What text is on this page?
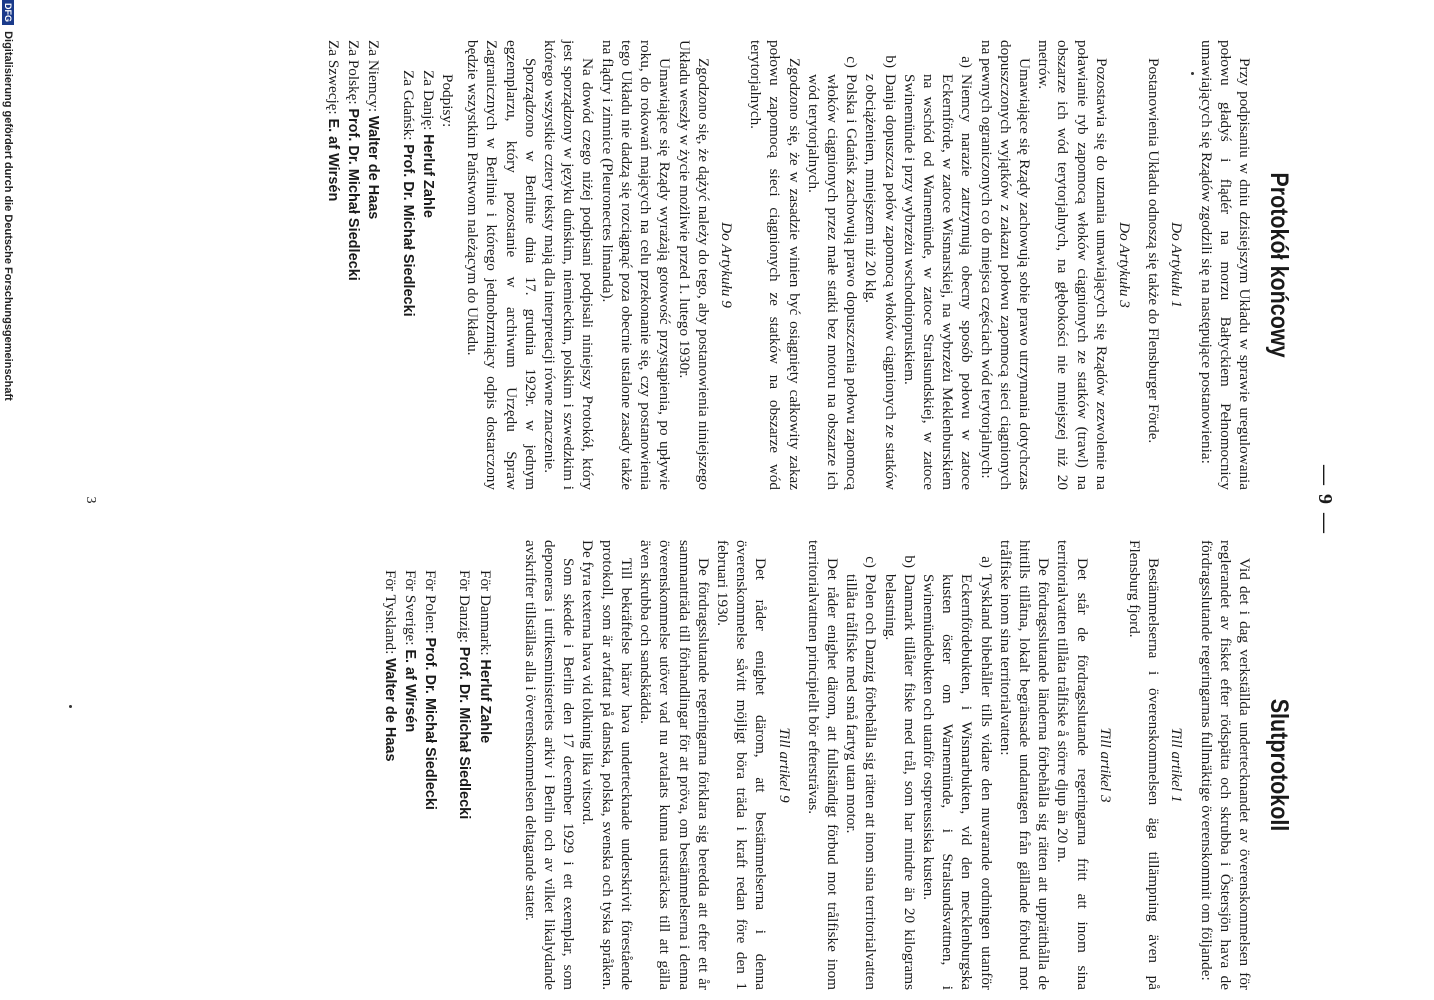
— 9 —
Protokół końcowy

Przy podpisaniu w dniu dzisiejszym Układu w sprawie uregulowania połowu gładyś i flądér na morzu Bałtyckiem Pełnomocnicy umawiających się Rządów zgodzili się na następujące postanowienia:

Do Artykułu 1

Postanowienia Układu odnoszą się także do Flensburger Förde.

Do Artykułu 3

Pozostawia się do uznania umawiających się Rządów zezwolenie na poławianie ryb zapomocą włoków ciągnionych ze statków (trawl) na obszarze ich wód terytorjalnych, na głębokości nie mniejszej niż 20 metrów.

Umawiające się Rządy zachowują sobie prawo utrzymania dotychczas dopuszczonych wyjątków z zakazu połowu zapomocą sieci ciągnionych na pewnych ograniczonych co do miejsca częściach wód terytorjalnych:

a)
Niemcy narazie zatrzymują obecny sposób połowu w zatoce Eckernförde, w zatoce Wismarskiej, na wybrzeżu Meklenburskiem na wschód od Warnemünde, w zatoce Stralsundskiej, w zatoce Swinemünde i przy wybrzeżu wschodniopruskiem.
b)
Danja dopuszcza połów zapomocą włoków ciągnionych ze statków z obciążeniem, mniejszem niż 20 klg.
c)
Polska i Gdańsk zachowują prawo dopuszczenia połowu zapomocą włoków ciągnionych przez małe statki bez motoru na obszarze ich wód terytorjalnych.

Zgodzono się, że w zasadzie winien być osiągnięty całkowity zakaz połowu zapomocą sieci ciągnionych ze statków na obszarze wód terytorjalnych.

Do Artykułu 9

Zgodzono się, że dążyć należy do tego, aby postanowienia niniejszego Układu weszły w życie możliwie przed 1. lutego 1930r.

Umawiające się Rządy wyrażają gotowość przystąpienia, po upływie roku, do rokowań mających na celu przekonanie się, czy postanowienia tego Układu nie dadzą się rozciągnąć poza obecnie ustalone zasady także na flądry i zimnice (Pleuronectes limanda).

Na dowód czego niżej podpisani podpisali niniejszy Protokół, który jest sporządzony w języku duńskim, niemieckim, polskim i szwedzkim i którego wszystkie cztery teksty mają dla interpretacji równe znaczenie.

Sporządzono w Berlinie dnia 17. grudnia 1929r. w jednym egzemplarzu, który pozostanie w archiwum Urzędu Spraw Zagranicznych w Berlinie i którego jednobrzmiący odpis dostarczony będzie wszystkim Państwom należącym do Układu.

Podpisy:

Za Danję: Herluf Zahle

Za Gdańsk: Prof. Dr. Michał Siedlecki

Za Niemcy: Walter de Haas

Za Polskę: Prof. Dr. Michał Siedlecki

Za Szwecję: E. af Wirsén

Slutprotokoll

Vid det i dag verkställda undertecknandet av överenskommelsen för reglerandet av fisket efter rödspätta och skrubba i Östersjön hava de fördragsslutande regeringarnas fullmäktige överenskommit om följande:

Till artikel 1

Bestämmelserna i överenskommelsen äga tillämpning även på Flensburg fjord.

Till artikel 3

Det står de fördragsslutande regeringarna fritt att inom sina territorialvatten tillåta trålfiske å större djup än 20 m.

De fördragsslutande länderna förbehålla sig rätten att upprätthålla de hittills tillåtna, lokalt begränsade undantagen från gällande förbud mot trålfiske inom sina territorialvatten:

a)
Tyskland bibehåller tills vidare den nuvarande ordningen utanför Eckernfördebukten, i Wismarbukten, vid den mecklenburgska kusten öster om Warnemünde, i Stralsundsvattnen, i Swinemündebukten och utanför ostpreussiska kusten.
b)
Danmark tillåter fiske med trål, som har mindre än 20 kilograms belastning.
c)
Polen och Danzig förbehålla sig rätten att inom sina territorialvatten tillåta trålfiske med små fartyg utan motor.

Det råder enighet därom, att fullständigt förbud mot trålfiske inom territorialvattnen principiellt bör eftersträvas.

Till artikel 9

Det råder enighet därom, att bestämmelserna i denna överenskommelse såvitt möjligt böra träda i kraft redan före den 1 februari 1930.

De fördragsslutande regeringarna förklara sig beredda att efter ett år sammanträda till förhandlingar för att pröva, om bestämmelserna i denna överenskommelse utöver vad nu avtalats kunna utsträckas till att gälla även skrubba och sandskädda.

Till bekräftelse härav hava undertecknade underskrivit förestående protokoll, som är avfattat på danska, polska, svenska och tyska språken. De fyra texterna hava vid tolkning lika vitsord.

Som skedde i Berlin den 17 december 1929 i ett exemplar, som deponeras i utrikesministeriets arkiv i Berlin och av vilket likalydande avskrifter tillställas alla i överenskommelsen deltagande stater.

För Danmark: Herluf Zahle

För Danzig: Prof. Dr. Michał Siedlecki

För Polen: Prof. Dr. Michał Siedlecki

För Sverige: E. af Wirsén

För Tyskland: Walter de Haas

3
DFG Digitalisierung gefördert durch die Deutsche Forschungsgemeinschaft
